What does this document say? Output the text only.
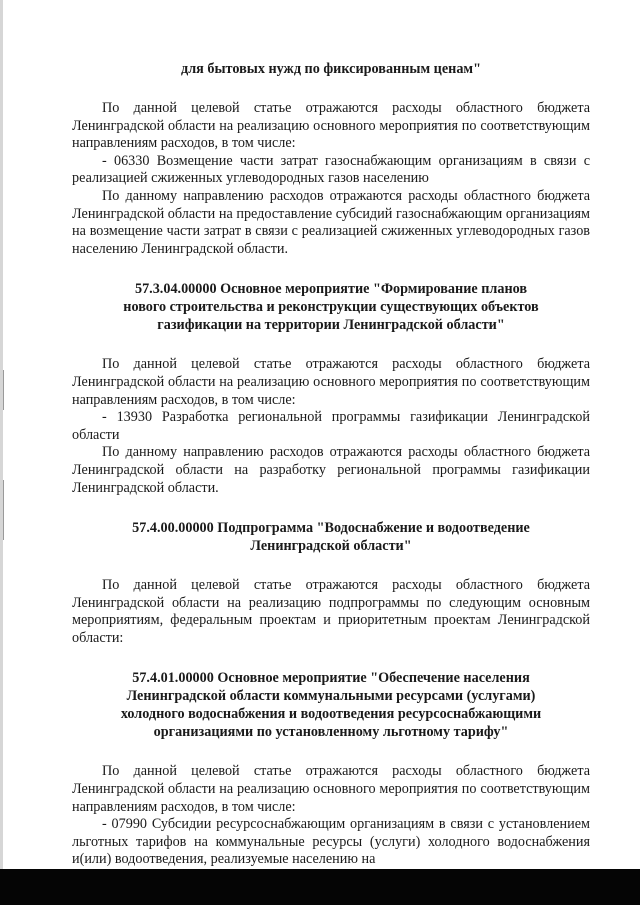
для бытовых нужд по фиксированным ценам"

По данной целевой статье отражаются расходы областного бюджета Ленинградской области на реализацию основного мероприятия по соответствующим направлениям расходов, в том числе:

- 06330 Возмещение части затрат газоснабжающим организациям в связи с реализацией сжиженных углеводородных газов населению

По данному направлению расходов отражаются расходы областного бюджета Ленинградской области на предоставление субсидий газоснабжающим организациям на возмещение части затрат в связи с реализацией сжиженных углеводородных газов населению Ленинградской области.

57.3.04.00000 Основное мероприятие "Формирование планов
нового строительства и реконструкции существующих объектов
газификации на территории Ленинградской области"

По данной целевой статье отражаются расходы областного бюджета Ленинградской области на реализацию основного мероприятия по соответствующим направлениям расходов, в том числе:

- 13930 Разработка региональной программы газификации Ленинградской области

По данному направлению расходов отражаются расходы областного бюджета Ленинградской области на разработку региональной программы газификации Ленинградской области.

57.4.00.00000 Подпрограмма "Водоснабжение и водоотведение
Ленинградской области"

По данной целевой статье отражаются расходы областного бюджета Ленинградской области на реализацию подпрограммы по следующим основным мероприятиям, федеральным проектам и приоритетным проектам Ленинградской области:

57.4.01.00000 Основное мероприятие "Обеспечение населения
Ленинградской области коммунальными ресурсами (услугами)
холодного водоснабжения и водоотведения ресурсоснабжающими
организациями по установленному льготному тарифу"

По данной целевой статье отражаются расходы областного бюджета Ленинградской области на реализацию основного мероприятия по соответствующим направлениям расходов, в том числе:

- 07990 Субсидии ресурсоснабжающим организациям в связи с установлением льготных тарифов на коммунальные ресурсы (услуги) холодного водоснабжения и(или) водоотведения, реализуемые населению на
